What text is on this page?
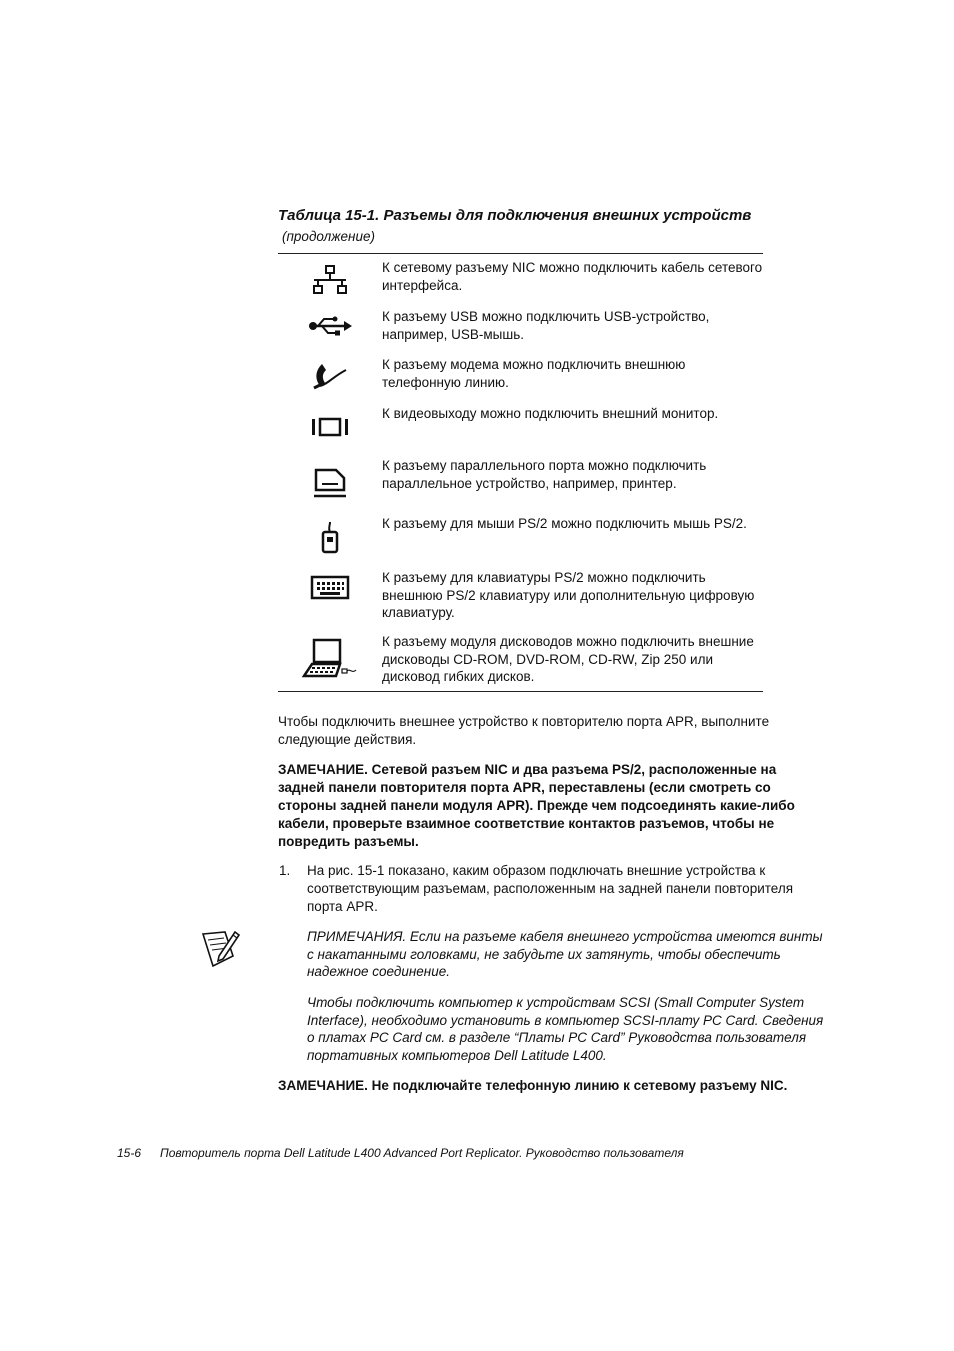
Таблица 15-1. Разъемы для подключения внешних устройств
(продолжение)
К сетевому разъему NIC можно подключить кабель сетевого интерфейса.
К разъему USB можно подключить USB-устройство, например, USB-мышь.
К разъему модема можно подключить внешнюю телефонную линию.
К видеовыходу можно подключить внешний монитор.
К разъему параллельного порта можно подключить параллельное устройство, например, принтер.
К разъему для мыши PS/2 можно подключить мышь PS/2.
К разъему для клавиатуры PS/2 можно подключить внешнюю PS/2 клавиатуру или дополнительную цифровую клавиатуру.
К разъему модуля дисководов можно подключить внешние дисководы CD-ROM, DVD-ROM, CD-RW, Zip 250 или дисковод гибких дисков.
Чтобы подключить внешнее устройство к повторителю порта APR, выполните следующие действия.
ЗАМЕЧАНИЕ. Сетевой разъем NIC и два разъема PS/2, расположенные на задней панели повторителя порта APR, переставлены (если смотреть со стороны задней панели модуля APR). Прежде чем подсоединять какие-либо кабели, проверьте взаимное соответствие контактов разъемов, чтобы не повредить разъемы.
1. На рис. 15-1 показано, каким образом подключать внешние устройства к соответствующим разъемам, расположенным на задней панели повторителя порта APR.
ПРИМЕЧАНИЯ. Если на разъеме кабеля внешнего устройства имеются винты с накатанными головками, не забудьте их затянуть, чтобы обеспечить надежное соединение.
Чтобы подключить компьютер к устройствам SCSI (Small Computer System Interface), необходимо установить в компьютер SCSI-плату PC Card. Сведения о платах PC Card см. в разделе “Платы PC Card” Руководства пользователя портативных компьютеров Dell Latitude L400.
ЗАМЕЧАНИЕ. Не подключайте телефонную линию к сетевому разъему NIC.
15-6 Повторитель порта Dell Latitude L400 Advanced Port Replicator. Руководство пользователя
